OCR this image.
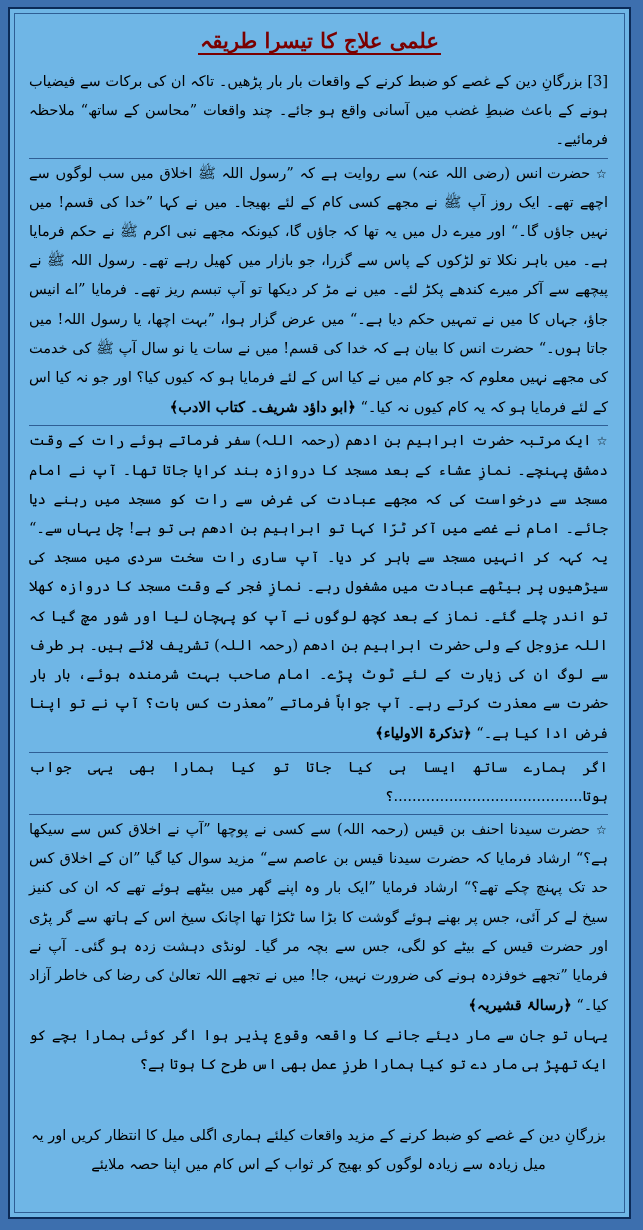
علمی علاج کا تیسرا طریقہ

[3] بزرگانِ دین کے غصے کو ضبط کرنے کے واقعات بار بار پڑھیں۔ تاکہ ان کی برکات سے فیضیاب ہونے کے باعث ضبطِ غضب میں آسانی واقع ہو جائے۔ چند واقعات ”محاسن کے ساتھ“ ملاحظہ فرمائیے۔

☆ حضرت انس (رضی اللہ عنہ) سے روایت ہے کہ ”رسول اللہ ﷺ اخلاق میں سب لوگوں سے اچھے تھے۔ ایک روز آپ ﷺ نے مجھے کسی کام کے لئے بھیجا۔ میں نے کہا ”خدا کی قسم! میں نہیں جاؤں گا۔“ اور میرے دل میں یہ تھا کہ جاؤں گا، کیونکہ مجھے نبی اکرم ﷺ نے حکم فرمایا ہے۔ میں باہر نکلا تو لڑکوں کے پاس سے گزرا، جو بازار میں کھیل رہے تھے۔ رسول اللہ ﷺ نے پیچھے سے آکر میرے کندھے پکڑ لئے۔ میں نے مڑ کر دیکھا تو آپ تبسم ریز تھے۔ فرمایا ”اے انیس جاؤ، جہاں کا میں نے تمہیں حکم دیا ہے۔“ میں عرض گزار ہوا، ”بہت اچھا، یا رسول اللہ! میں جاتا ہوں۔“ حضرت انس کا بیان ہے کہ خدا کی قسم! میں نے سات یا نو سال آپ ﷺ کی خدمت کی مجھے نہیں معلوم کہ جو کام میں نے کیا اس کے لئے فرمایا ہو کہ کیوں کیا؟ اور جو نہ کیا اس کے لئے فرمایا ہو کہ یہ کام کیوں نہ کیا۔“ ﴿ابو داؤد شریف۔ کتاب الادب﴾

☆ ایک مرتبہ حضرت ابراہیم بن ادھم (رحمہ اللہ) سفر فرماتے ہوئے رات کے وقت دمشق پہنچے۔ نمازِ عشاء کے بعد مسجد کا دروازہ بند کرایا جاتا تھا۔ آپ نے امام مسجد سے درخواست کی کہ مجھے عبادت کی غرض سے رات کو مسجد میں رہنے دیا جائے۔ امام نے غصے میں آکر ٹرّا کہا تو ابراہیم بن ادھم ہی تو ہے! چل یہاں سے۔“ یہ کہہ کر انہیں مسجد سے باہر کر دیا۔ آپ ساری رات سخت سردی میں مسجد کی سیڑھیوں پر بیٹھے عبادت میں مشغول رہے۔ نمازِ فجر کے وقت مسجد کا دروازہ کھلا تو اندر چلے گئے۔ نماز کے بعد کچھ لوگوں نے آپ کو پہچان لیا اور شور مچ گیا کہ اللہ عزوجل کے ولی حضرت ابراہیم بن ادھم (رحمہ اللہ) تشریف لائے ہیں۔ ہر طرف سے لوگ ان کی زیارت کے لئے ٹوٹ پڑے۔ امام صاحب بہت شرمندہ ہوئے، بار بار حضرت سے معذرت کرتے رہے۔ آپ جواباً فرماتے ”معذرت کس بات؟ آپ نے تو اپنا فرض ادا کیا ہے۔“ ﴿تذکرۃ الاولیاء﴾

اگر ہمارے ساتھ ایسا ہی کیا جاتا تو کیا ہمارا بھی یہی جواب ہوتا.........................................؟

☆ حضرت سیدنا احنف بن قیس (رحمہ اللہ) سے کسی نے پوچھا ”آپ نے اخلاق کس سے سیکھا ہے؟“ ارشاد فرمایا کہ حضرت سیدنا قیس بن عاصم سے“ مزید سوال کیا گیا ”ان کے اخلاق کس حد تک پہنچ چکے تھے؟“ ارشاد فرمایا ”ایک بار وہ اپنے گھر میں بیٹھے ہوئے تھے کہ ان کی کنیز سیخ لے کر آئی، جس پر بھنے ہوئے گوشت کا بڑا سا ٹکڑا تھا اچانک سیخ اس کے ہاتھ سے گر پڑی اور حضرت قیس کے بیٹے کو لگی، جس سے بچہ مر گیا۔ لونڈی دہشت زدہ ہو گئی۔ آپ نے فرمایا ”تجھے خوفزدہ ہونے کی ضرورت نہیں، جا! میں نے تجھے اللہ تعالیٰ کی رضا کی خاطر آزاد کیا۔“ ﴿رسالۂ قشیریہ﴾

یہاں تو جان سے مار دیئے جانے کا واقعہ وقوع پذیر ہوا اگر کوئی ہمارا بچے کو ایک تھپڑ ہی مار دے تو کیا ہمارا طرزِ عمل بھی اس طرح کا ہوتا ہے؟

بزرگانِ دین کے غصے کو ضبط کرنے کے مزید واقعات کیلئے ہماری اگلی میل کا انتظار کریں اور یہ میل زیادہ سے زیادہ لوگوں کو بھیج کر ثواب کے اس کام میں اپنا حصہ ملایئے
